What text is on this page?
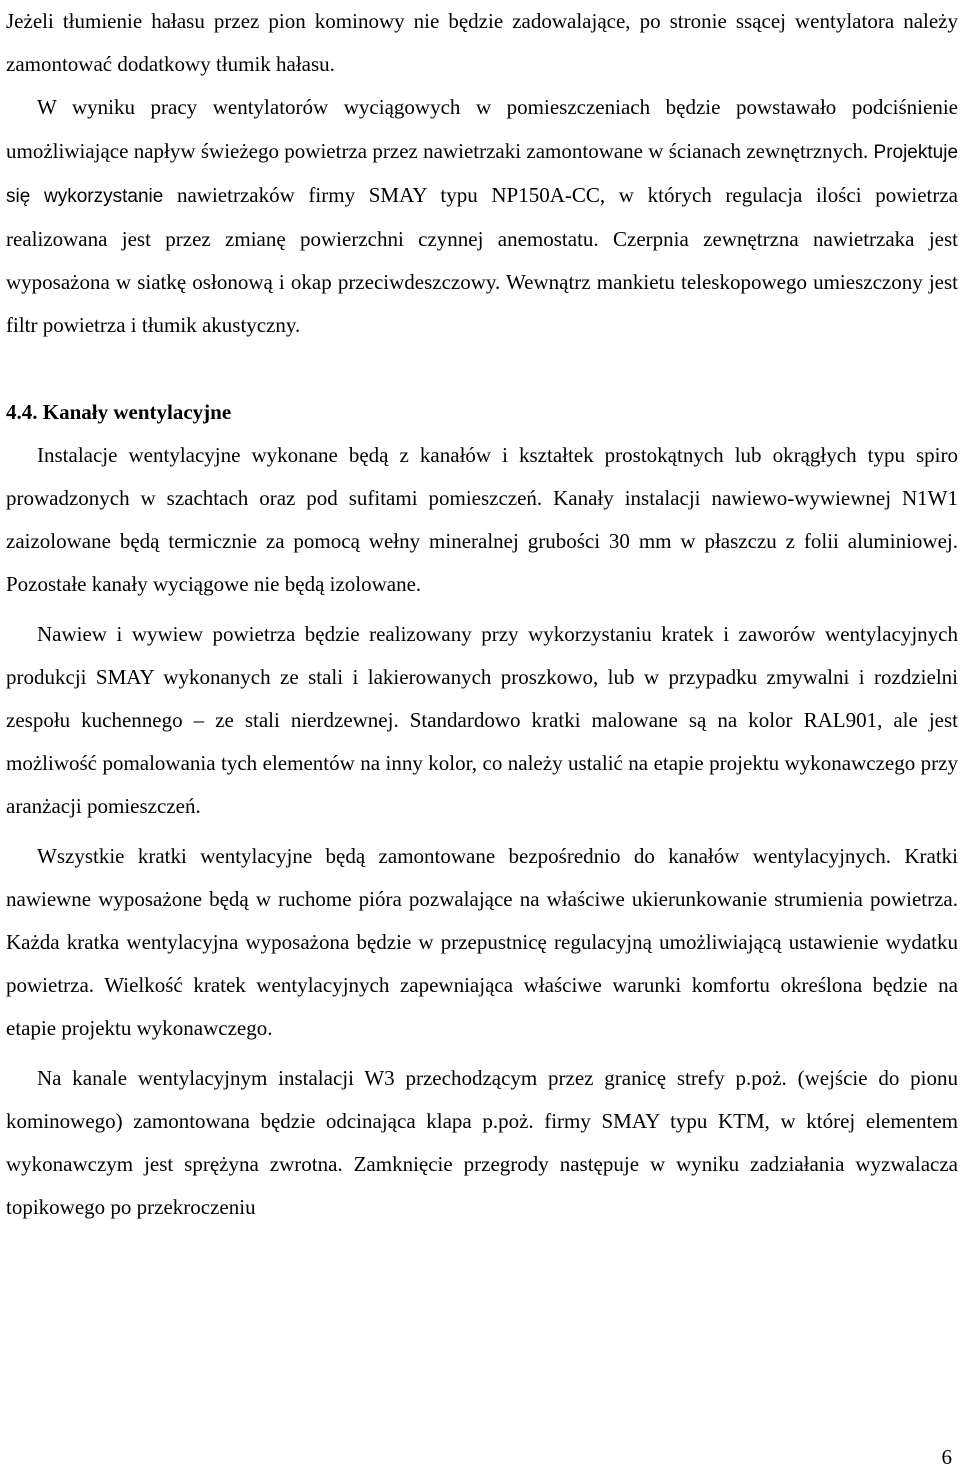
Jeżeli tłumienie hałasu przez pion kominowy nie będzie zadowalające, po stronie ssącej wentylatora należy zamontować dodatkowy tłumik hałasu.

W wyniku pracy wentylatorów wyciągowych w pomieszczeniach będzie powstawało podciśnienie umożliwiające napływ świeżego powietrza przez nawietrzaki zamontowane w ścianach zewnętrznych. Projektuje się wykorzystanie nawietrzaków firmy SMAY typu NP150A-CC, w których regulacja ilości powietrza realizowana jest przez zmianę powierzchni czynnej anemostatu. Czerpnia zewnętrzna nawietrzaka jest wyposażona w siatkę osłonową i okap przeciwdeszczowy. Wewnątrz mankietu teleskopowego umieszczony jest filtr powietrza i tłumik akustyczny.

4.4. Kanały wentylacyjne

Instalacje wentylacyjne wykonane będą z kanałów i kształtek prostokątnych lub okrągłych typu spiro prowadzonych w szachtach oraz pod sufitami pomieszczeń. Kanały instalacji nawiewo-wywiewnej N1W1 zaizolowane będą termicznie za pomocą wełny mineralnej grubości 30 mm w płaszczu z folii aluminiowej. Pozostałe kanały wyciągowe nie będą izolowane.

Nawiew i wywiew powietrza będzie realizowany przy wykorzystaniu kratek i zaworów wentylacyjnych produkcji SMAY wykonanych ze stali i lakierowanych proszkowo, lub w przypadku zmywalni i rozdzielni zespołu kuchennego – ze stali nierdzewnej. Standardowo kratki malowane są na kolor RAL901, ale jest możliwość pomalowania tych elementów na inny kolor, co należy ustalić na etapie projektu wykonawczego przy aranżacji pomieszczeń.

Wszystkie kratki wentylacyjne będą zamontowane bezpośrednio do kanałów wentylacyjnych. Kratki nawiewne wyposażone będą w ruchome pióra pozwalające na właściwe ukierunkowanie strumienia powietrza. Każda kratka wentylacyjna wyposażona będzie w przepustnicę regulacyjną umożliwiającą ustawienie wydatku powietrza. Wielkość kratek wentylacyjnych zapewniająca właściwe warunki komfortu określona będzie na etapie projektu wykonawczego.

Na kanale wentylacyjnym instalacji W3 przechodzącym przez granicę strefy p.poż. (wejście do pionu kominowego) zamontowana będzie odcinająca klapa p.poż. firmy SMAY typu KTM, w której elementem wykonawczym jest sprężyna zwrotna. Zamknięcie przegrody następuje w wyniku zadziałania wyzwalacza topikowego po przekroczeniu

6
